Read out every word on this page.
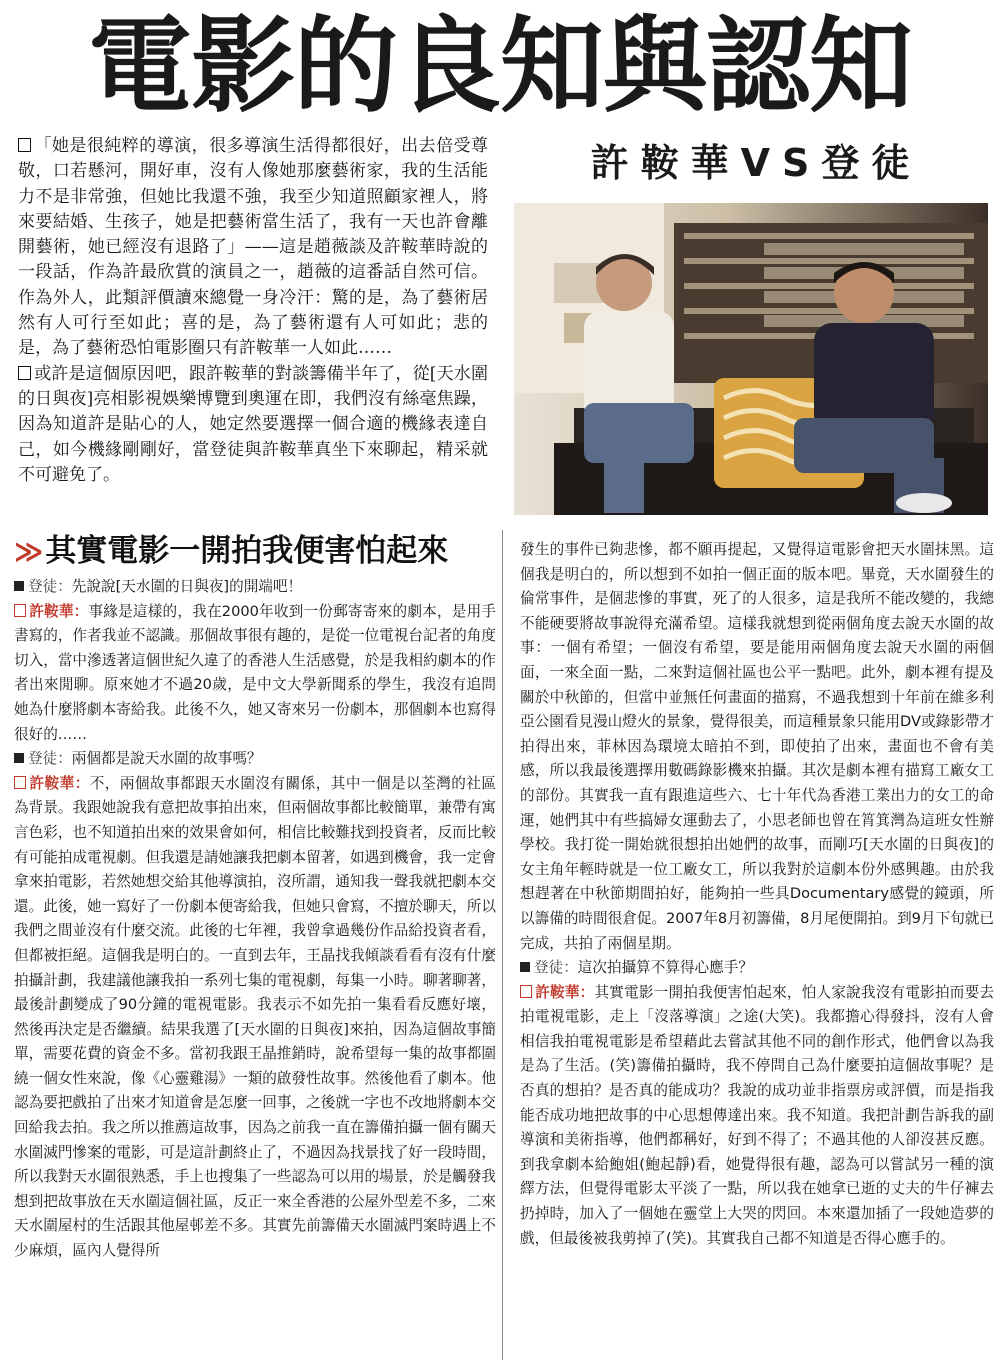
電影的良知與認知
許鞍華VS登徒

「她是很純粹的導演，很多導演生活得都很好，出去倍受尊敬，口若懸河，開好車，沒有人像她那麼藝術家，我的生活能力不是非常強，但她比我還不強，我至少知道照顧家裡人，將來要結婚、生孩子，她是把藝術當生活了，我有一天也許會離開藝術，她已經沒有退路了」——這是趙薇談及許鞍華時說的一段話，作為許最欣賞的演員之一，趙薇的這番話自然可信。作為外人，此類評價讀來總覺一身冷汗：驚的是，為了藝術居然有人可行至如此；喜的是，為了藝術還有人可如此；悲的是，為了藝術恐怕電影圈只有許鞍華一人如此……

或許是這個原因吧，跟許鞍華的對談籌備半年了，從[天水圍的日與夜]亮相影視娛樂博覽到奧運在即，我們沒有絲毫焦躁，因為知道許是貼心的人，她定然要選擇一個合適的機緣表達自己，如今機緣剛剛好，當登徒與許鞍華真坐下來聊起，精采就不可避免了。

≫其實電影一開拍我便害怕起來

登徒：先說說[天水圍的日與夜]的開端吧！

許鞍華：事緣是這樣的，我在2000年收到一份郵寄寄來的劇本，是用手書寫的，作者我並不認識。那個故事很有趣的，是從一位電視台記者的角度切入，當中滲透著這個世紀久違了的香港人生活感覺，於是我相約劇本的作者出來閒聊。原來她才不過20歲，是中文大學新聞系的學生，我沒有追問她為什麼將劇本寄給我。此後不久，她又寄來另一份劇本，那個劇本也寫得很好的……

登徒：兩個都是說天水圍的故事嗎？

許鞍華：不，兩個故事都跟天水圍沒有關係，其中一個是以荃灣的社區為背景。我跟她說我有意把故事拍出來，但兩個故事都比較簡單，兼帶有寓言色彩，也不知道拍出來的效果會如何，相信比較難找到投資者，反而比較有可能拍成電視劇。但我還是請她讓我把劇本留著，如遇到機會，我一定會拿來拍電影，若然她想交給其他導演拍，沒所謂，通知我一聲我就把劇本交還。此後，她一寫好了一份劇本便寄給我，但她只會寫，不擅於聊天，所以我們之間並沒有什麼交流。此後的七年裡，我曾拿過幾份作品給投資者看，但都被拒絕。這個我是明白的。一直到去年，王晶找我傾談看看有沒有什麼拍攝計劃，我建議他讓我拍一系列七集的電視劇，每集一小時。聊著聊著，最後計劃變成了90分鐘的電視電影。我表示不如先拍一集看看反應好壞，然後再決定是否繼續。結果我選了[天水圍的日與夜]來拍，因為這個故事簡單，需要花費的資金不多。當初我跟王晶推銷時，說希望每一集的故事都圍繞一個女性來說，像《心靈雞湯》一類的啟發性故事。然後他看了劇本。他認為要把戲拍了出來才知道會是怎麼一回事，之後就一字也不改地將劇本交回給我去拍。我之所以推薦這故事，因為之前我一直在籌備拍攝一個有關天水圍滅門慘案的電影，可是這計劃終止了，不過因為找景找了好一段時間，所以我對天水圍很熟悉，手上也搜集了一些認為可以用的場景，於是觸發我想到把故事放在天水圍這個社區，反正一來全香港的公屋外型差不多，二來天水圍屋村的生活跟其他屋邨差不多。其實先前籌備天水圍滅門案時遇上不少麻煩，區內人覺得所

發生的事件已夠悲慘，都不願再提起，又覺得這電影會把天水圍抹黑。這個我是明白的，所以想到不如拍一個正面的版本吧。畢竟，天水圍發生的倫常事件，是個悲慘的事實，死了的人很多，這是我所不能改變的，我總不能硬要將故事說得充滿希望。這樣我就想到從兩個角度去說天水圍的故事：一個有希望；一個沒有希望，要是能用兩個角度去說天水圍的兩個面，一來全面一點，二來對這個社區也公平一點吧。此外，劇本裡有提及關於中秋節的，但當中並無任何畫面的描寫，不過我想到十年前在維多利亞公園看見漫山燈火的景象，覺得很美，而這種景象只能用DV或錄影帶才拍得出來，菲林因為環境太暗拍不到，即使拍了出來，畫面也不會有美感，所以我最後選擇用數碼錄影機來拍攝。其次是劇本裡有描寫工廠女工的部份。其實我一直有跟進這些六、七十年代為香港工業出力的女工的命運，她們其中有些搞婦女運動去了，小思老師也曾在筲箕灣為這班女性辦學校。我打從一開始就很想拍出她們的故事，而剛巧[天水圍的日與夜]的女主角年輕時就是一位工廠女工，所以我對於這劇本份外感興趣。由於我想趕著在中秋節期間拍好，能夠拍一些具Documentary感覺的鏡頭，所以籌備的時間很倉促。2007年8月初籌備，8月尾便開拍。到9月下旬就已完成，共拍了兩個星期。

登徒：這次拍攝算不算得心應手？

許鞍華：其實電影一開拍我便害怕起來，怕人家說我沒有電影拍而要去拍電視電影，走上「沒落導演」之途(大笑)。我都擔心得發抖，沒有人會相信我拍電視電影是希望藉此去嘗試其他不同的創作形式，他們會以為我是為了生活。(笑)籌備拍攝時，我不停問自己為什麼要拍這個故事呢？是否真的想拍？是否真的能成功？我說的成功並非指票房或評價，而是指我能否成功地把故事的中心思想傳達出來。我不知道。我把計劃告訴我的副導演和美術指導，他們都稱好，好到不得了；不過其他的人卻沒甚反應。到我拿劇本給鮑姐(鮑起靜)看，她覺得很有趣，認為可以嘗試另一種的演繹方法，但覺得電影太平淡了一點，所以我在她拿已逝的丈夫的牛仔褲去扔掉時，加入了一個她在靈堂上大哭的閃回。本來還加插了一段她造夢的戲，但最後被我剪掉了(笑)。其實我自己都不知道是否得心應手的。
